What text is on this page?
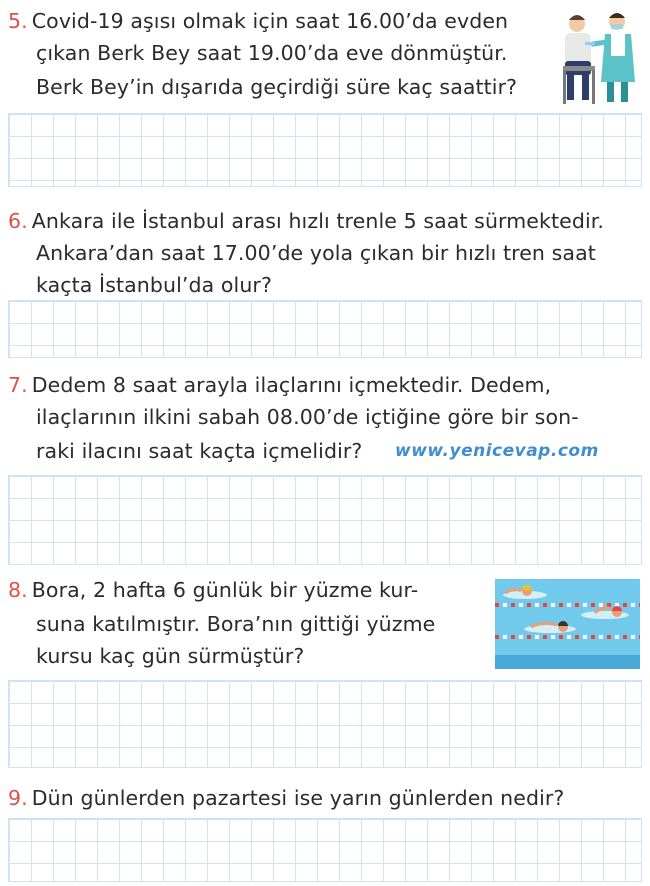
5. Covid-19 aşısı olmak için saat 16.00’da evden
çıkan Berk Bey saat 19.00’da eve dönmüştür.
Berk Bey’in dışarıda geçirdiği süre kaç saattir?
6. Ankara ile İstanbul arası hızlı trenle 5 saat sürmektedir.
Ankara’dan saat 17.00’de yola çıkan bir hızlı tren saat
kaçta İstanbul’da olur?
7. Dedem 8 saat arayla ilaçlarını içmektedir. Dedem,
ilaçlarının ilkini sabah 08.00’de içtiğine göre bir son-
raki ilacını saat kaçta içmelidir? www.yenicevap.com
8. Bora, 2 hafta 6 günlük bir yüzme kur-
suna katılmıştır. Bora’nın gittiği yüzme
kursu kaç gün sürmüştür?
9. Dün günlerden pazartesi ise yarın günlerden nedir?
